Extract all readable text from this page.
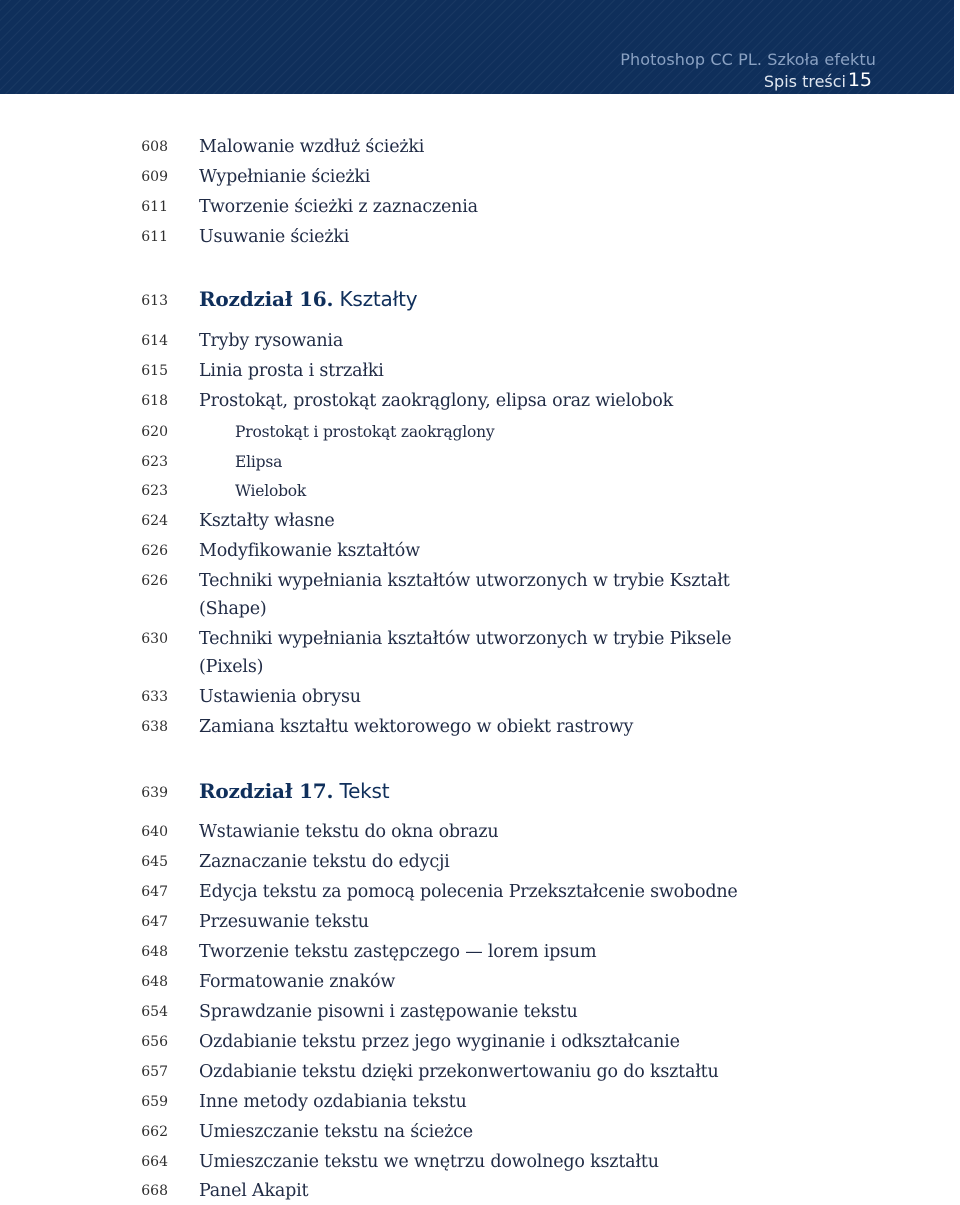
Photoshop CC PL. Szkoła efektu
Spis treści 15
608 Malowanie wzdłuż ścieżki
609 Wypełnianie ścieżki
611 Tworzenie ścieżki z zaznaczenia
611 Usuwanie ścieżki
613 Rozdział 16. Kształty
614 Tryby rysowania
615 Linia prosta i strzałki
618 Prostokąt, prostokąt zaokrąglony, elipsa oraz wielobok
620	Prostokąt i prostokąt zaokrąglony
623	Elipsa
623	Wielobok
624 Kształty własne
626 Modyfikowanie kształtów
626 Techniki wypełniania kształtów utworzonych w trybie Kształt (Shape)
630 Techniki wypełniania kształtów utworzonych w trybie Piksele (Pixels)
633 Ustawienia obrysu
638 Zamiana kształtu wektorowego w obiekt rastrowy
639 Rozdział 17. Tekst
640 Wstawianie tekstu do okna obrazu
645 Zaznaczanie tekstu do edycji
647 Edycja tekstu za pomocą polecenia Przekształcenie swobodne
647 Przesuwanie tekstu
648 Tworzenie tekstu zastępczego — lorem ipsum
648 Formatowanie znaków
654 Sprawdzanie pisowni i zastępowanie tekstu
656 Ozdabianie tekstu przez jego wyginanie i odkształcanie
657 Ozdabianie tekstu dzięki przekonwertowaniu go do kształtu
659 Inne metody ozdabiania tekstu
662 Umieszczanie tekstu na ścieżce
664 Umieszczanie tekstu we wnętrzu dowolnego kształtu
668 Panel Akapit
